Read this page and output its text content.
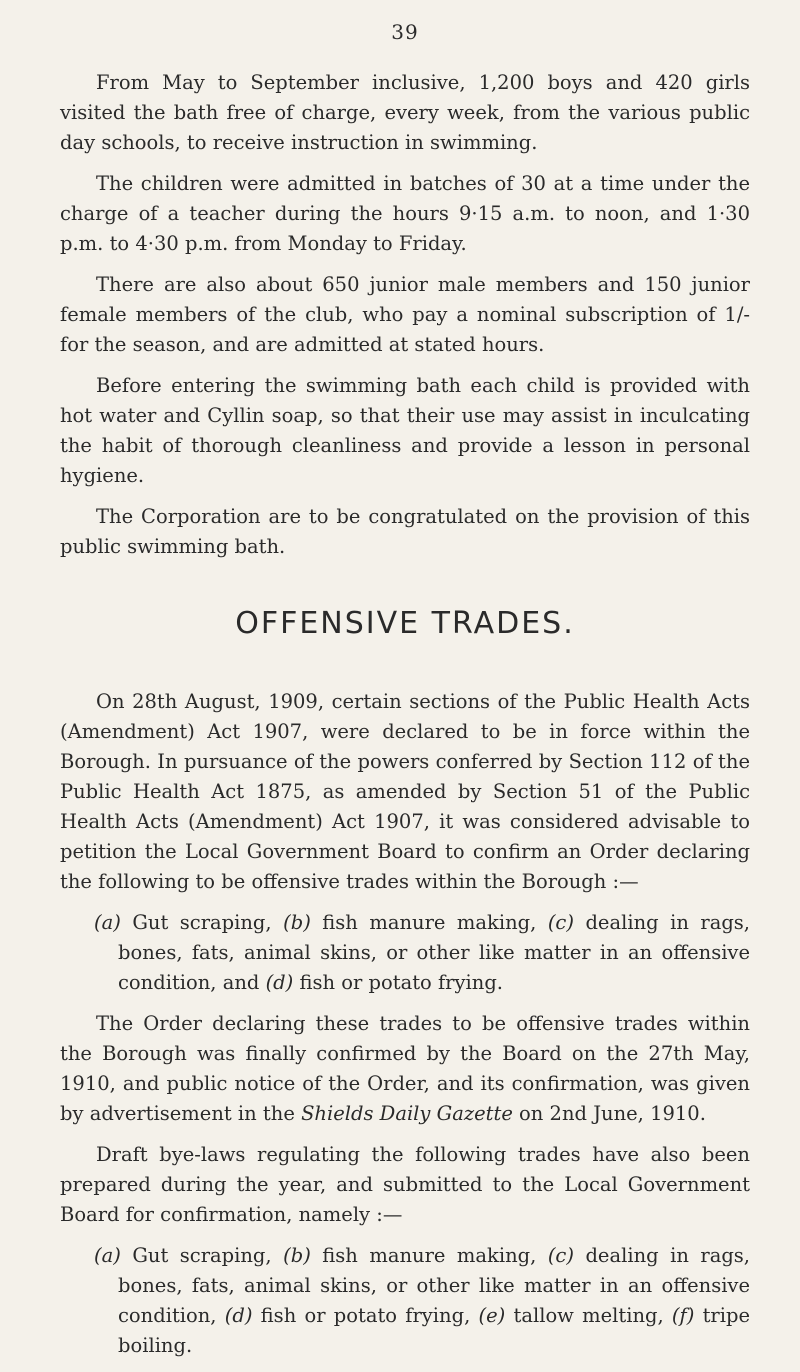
39

From May to September inclusive, 1,200 boys and 420 girls visited the bath free of charge, every week, from the various public day schools, to receive instruction in swimming.

The children were admitted in batches of 30 at a time under the charge of a teacher during the hours 9·15 a.m. to noon, and 1·30 p.m. to 4·30 p.m. from Monday to Friday.

There are also about 650 junior male members and 150 junior female members of the club, who pay a nominal subscription of 1/- for the season, and are admitted at stated hours.

Before entering the swimming bath each child is provided with hot water and Cyllin soap, so that their use may assist in inculcating the habit of thorough cleanliness and provide a lesson in personal hygiene.

The Corporation are to be congratulated on the provision of this public swimming bath.

OFFENSIVE TRADES.

On 28th August, 1909, certain sections of the Public Health Acts (Amendment) Act 1907, were declared to be in force within the Borough. In pursuance of the powers conferred by Section 112 of the Public Health Act 1875, as amended by Section 51 of the Public Health Acts (Amendment) Act 1907, it was considered advisable to petition the Local Government Board to confirm an Order declaring the following to be offensive trades within the Borough :—

(a) Gut scraping, (b) fish manure making, (c) dealing in rags, bones, fats, animal skins, or other like matter in an offensive condition, and (d) fish or potato frying.

The Order declaring these trades to be offensive trades within the Borough was finally confirmed by the Board on the 27th May, 1910, and public notice of the Order, and its confirmation, was given by advertisement in the Shields Daily Gazette on 2nd June, 1910.

Draft bye-laws regulating the following trades have also been prepared during the year, and submitted to the Local Government Board for confirmation, namely :—

(a) Gut scraping, (b) fish manure making, (c) dealing in rags, bones, fats, animal skins, or other like matter in an offensive condition, (d) fish or potato frying, (e) tallow melting, (f) tripe boiling.
